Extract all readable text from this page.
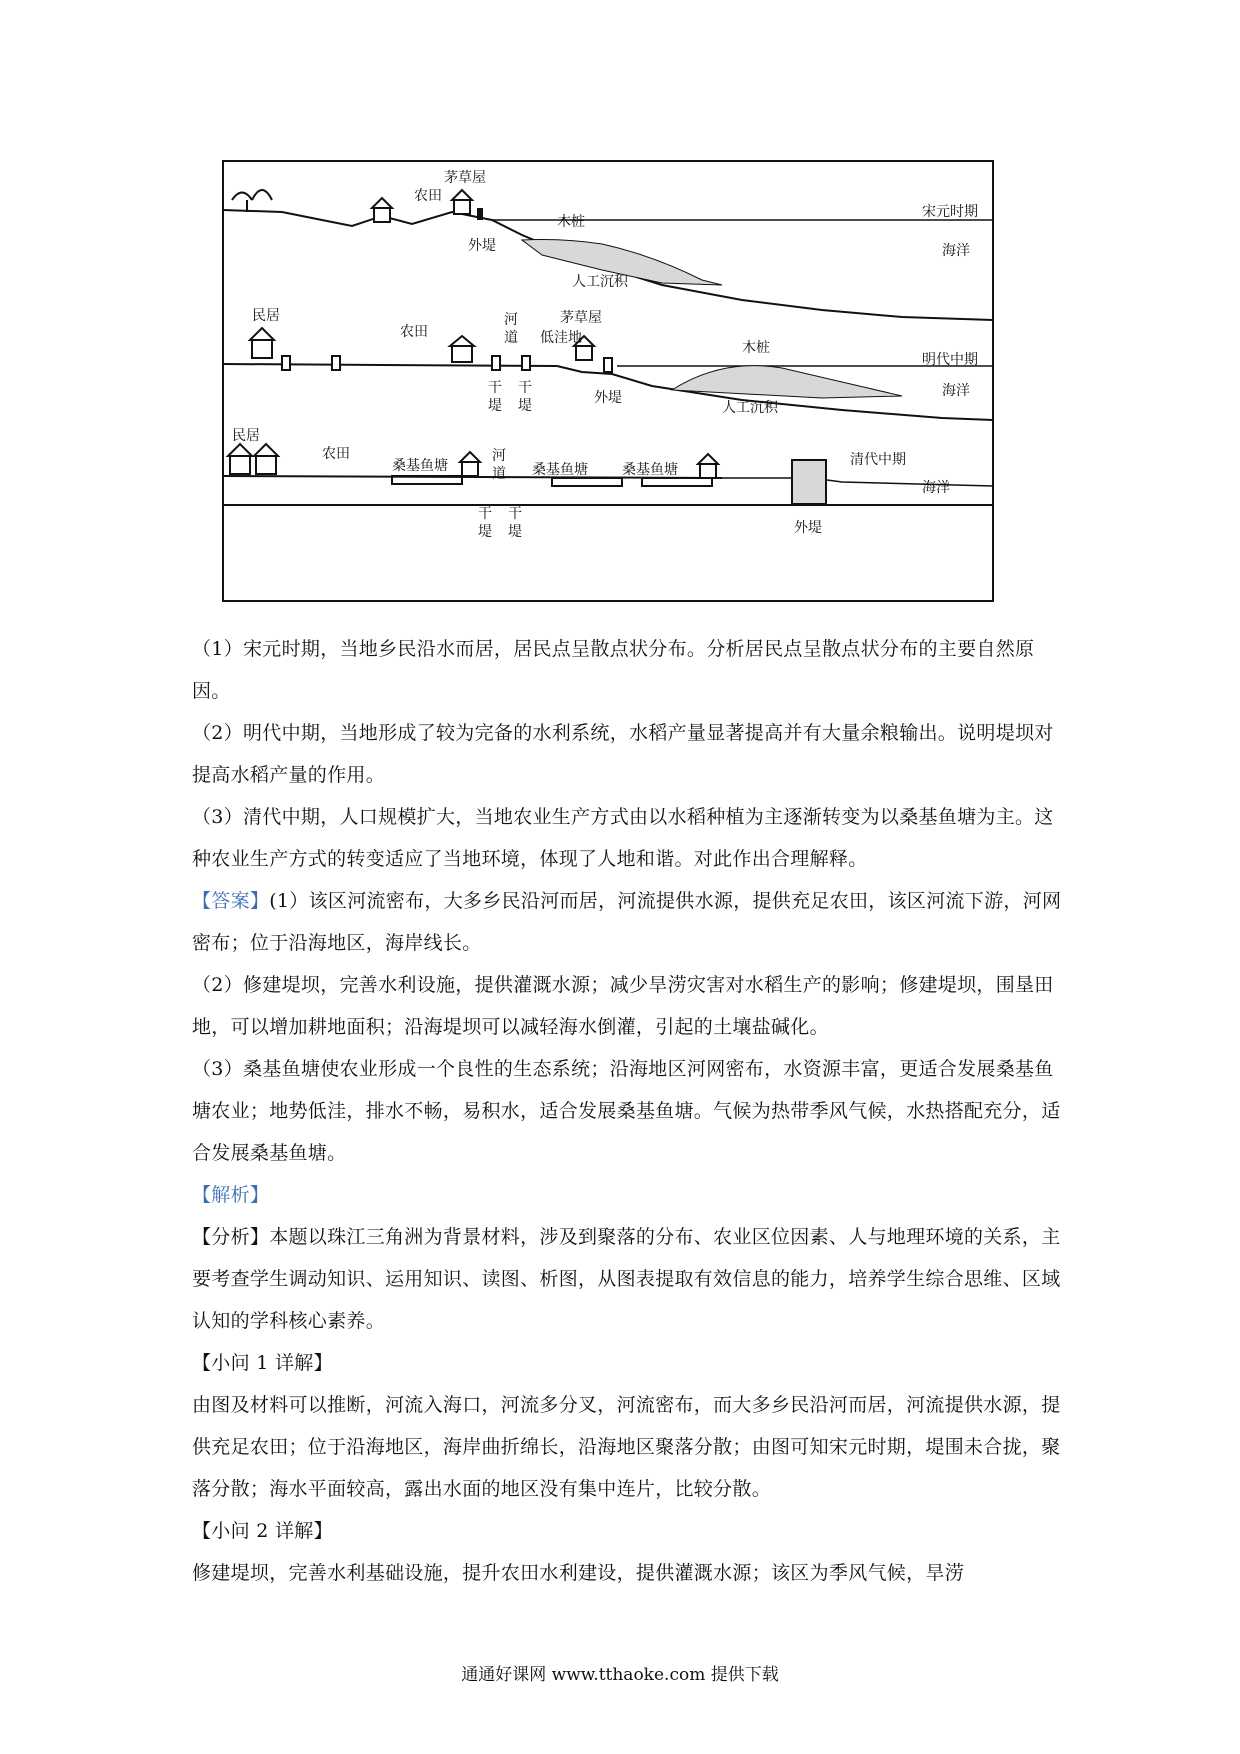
茅草屋
农田
外堤
木桩
人工沉积
宋元时期
海洋
民居
农田
河
道 低洼地
茅草屋
木桩
明代中期
海洋
干
堤
干
堤	外堤
人工沉积
民居
农田
桑基鱼塘
河
道 桑基鱼塘 桑基鱼塘
清代中期
海洋
外堤
干
堤
干
堤

（1）宋元时期，当地乡民沿水而居，居民点呈散点状分布。分析居民点呈散点状分布的主要自然原因。

（2）明代中期，当地形成了较为完备的水利系统，水稻产量显著提高并有大量余粮输出。说明堤坝对提高水稻产量的作用。

（3）清代中期，人口规模扩大，当地农业生产方式由以水稻种植为主逐渐转变为以桑基鱼塘为主。这种农业生产方式的转变适应了当地环境，体现了人地和谐。对此作出合理解释。

【答案】(1）该区河流密布，大多乡民沿河而居，河流提供水源，提供充足农田，该区河流下游，河网密布；位于沿海地区，海岸线长。

（2）修建堤坝，完善水利设施，提供灌溉水源；减少旱涝灾害对水稻生产的影响；修建堤坝，围垦田地，可以增加耕地面积；沿海堤坝可以减轻海水倒灌，引起的土壤盐碱化。

（3）桑基鱼塘使农业形成一个良性的生态系统；沿海地区河网密布，水资源丰富，更适合发展桑基鱼塘农业；地势低洼，排水不畅，易积水，适合发展桑基鱼塘。气候为热带季风气候，水热搭配充分，适合发展桑基鱼塘。

【解析】

【分析】本题以珠江三角洲为背景材料，涉及到聚落的分布、农业区位因素、人与地理环境的关系，主要考查学生调动知识、运用知识、读图、析图，从图表提取有效信息的能力，培养学生综合思维、区域认知的学科核心素养。

【小问 1 详解】

由图及材料可以推断，河流入海口，河流多分叉，河流密布，而大多乡民沿河而居，河流提供水源，提供充足农田；位于沿海地区，海岸曲折绵长，沿海地区聚落分散；由图可知宋元时期，堤围未合拢，聚落分散；海水平面较高，露出水面的地区没有集中连片，比较分散。

【小问 2 详解】

修建堤坝，完善水利基础设施，提升农田水利建设，提供灌溉水源；该区为季风气候，旱涝

通通好课网 www.tthaoke.com 提供下载
